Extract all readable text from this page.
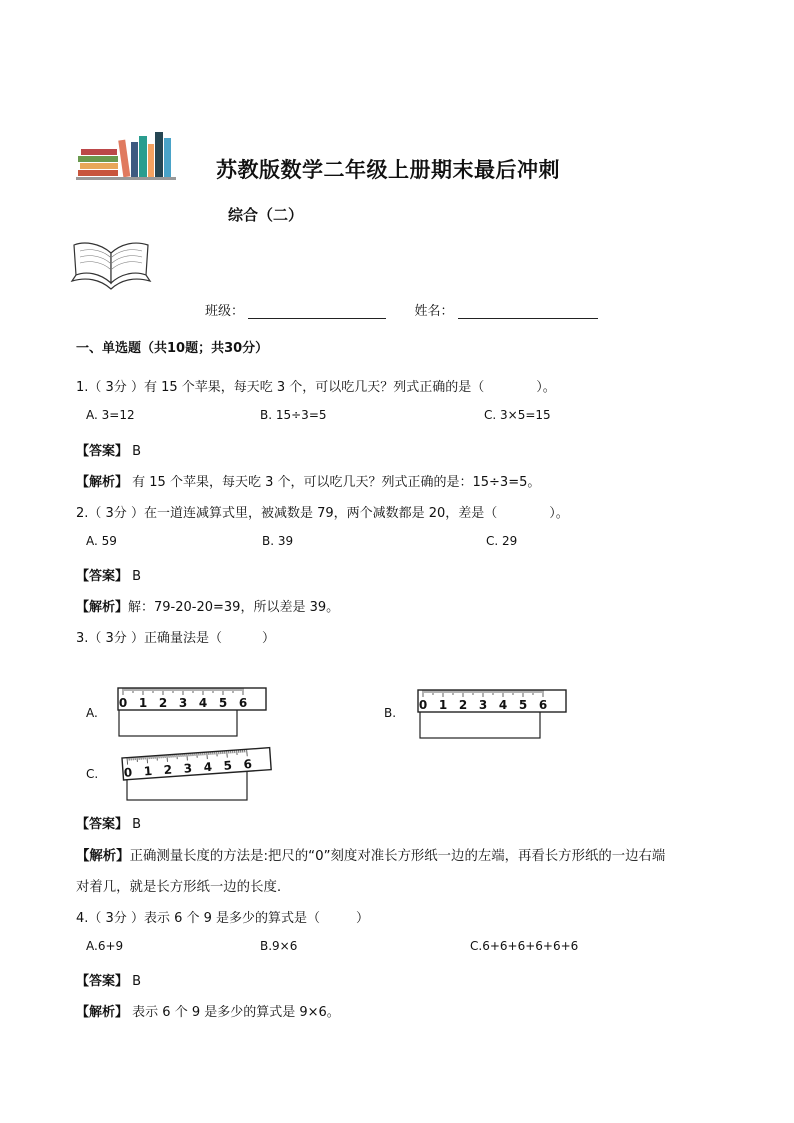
苏教版数学二年级上册期末最后冲刺
综合（二）
班级：	姓名：
一、单选题（共10题；共30分）
1.（ 3分 ）有 15 个苹果，每天吃 3 个，可以吃几天？列式正确的是（	）。
A. 3=12	B. 15÷3=5	C. 3×5=15
【答案】 B
【解析】 有 15 个苹果，每天吃 3 个，可以吃几天？列式正确的是：15÷3=5。
2.（ 3分 ）在一道连减算式里，被减数是 79，两个减数都是 20，差是（	）。
A. 59	B. 39	C. 29
【答案】 B
【解析】解：79-20-20=39，所以差是 39。
3.（ 3分 ）正确量法是（	）
A.	B.
C.
0 1 2 3 4 5 6	0 1 2 3 4 5 6
0 1 2 3 4 5 6
【答案】 B
【解析】正确测量长度的方法是:把尺的“0”刻度对准长方形纸一边的左端，再看长方形纸的一边右端
对着几，就是长方形纸一边的长度.
4.（ 3分 ）表示 6 个 9 是多少的算式是（	）
A.6+9	B.9×6	C.6+6+6+6+6+6
【答案】 B
【解析】 表示 6 个 9 是多少的算式是 9×6。
